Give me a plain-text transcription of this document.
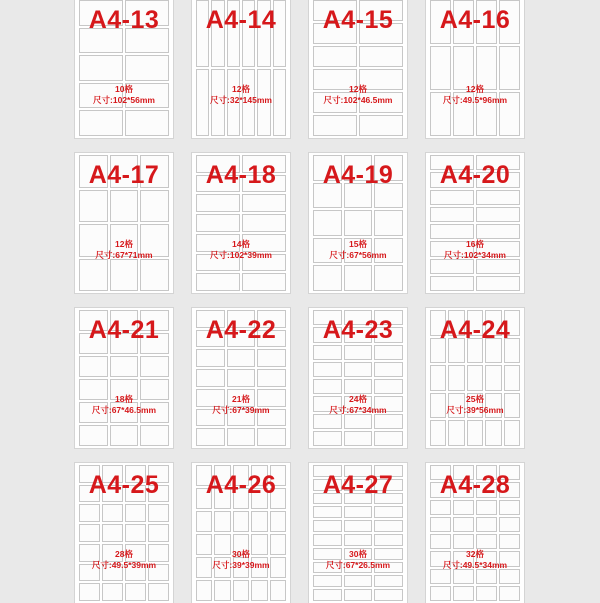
A4-13
10格
尺寸:102*56mm
A4-14
12格
尺寸:32*145mm
A4-15
12格
尺寸:102*46.5mm
A4-16
12格
尺寸:49.5*96mm
A4-17
12格
尺寸:67*71mm
A4-18
14格
尺寸:102*39mm
A4-19
15格
尺寸:67*56mm
A4-20
16格
尺寸:102*34mm
A4-21
18格
尺寸:67*46.5mm
A4-22
21格
尺寸:67*39mm
A4-23
24格
尺寸:67*34mm
A4-24
25格
尺寸:39*56mm
A4-25
28格
尺寸:49.5*39mm
A4-26
30格
尺寸:39*39mm
A4-27
30格
尺寸:67*26.5mm
A4-28
32格
尺寸:49.5*34mm
